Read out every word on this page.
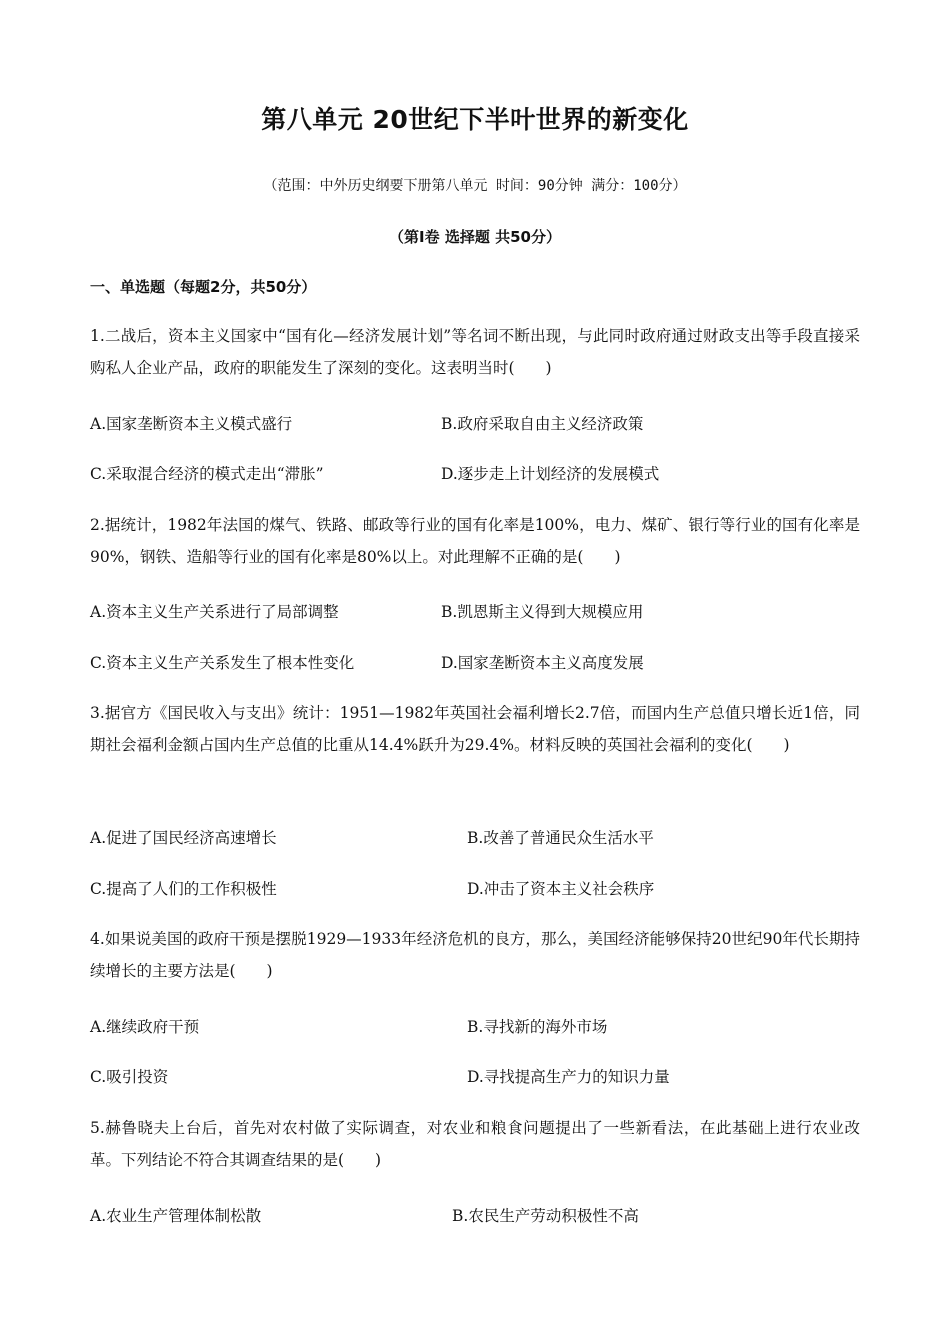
第八单元 20世纪下半叶世界的新变化
（范围：中外历史纲要下册第八单元 时间：90分钟 满分：100分）
（第Ⅰ卷 选择题 共50分）
一、单选题（每题2分，共50分）
1.二战后，资本主义国家中“国有化—经济发展计划”等名词不断出现，与此同时政府通过财政支出等手段直接采购私人企业产品，政府的职能发生了深刻的变化。这表明当时(　　)
A.国家垄断资本主义模式盛行	B.政府采取自由主义经济政策
C.采取混合经济的模式走出“滞胀”	D.逐步走上计划经济的发展模式
2.据统计，1982年法国的煤气、铁路、邮政等行业的国有化率是100%，电力、煤矿、银行等行业的国有化率是90%，钢铁、造船等行业的国有化率是80%以上。对此理解不正确的是(　　)
A.资本主义生产关系进行了局部调整	B.凯恩斯主义得到大规模应用
C.资本主义生产关系发生了根本性变化	D.国家垄断资本主义高度发展
3.据官方《国民收入与支出》统计：1951—1982年英国社会福利增长2.7倍，而国内生产总值只增长近1倍，同期社会福利金额占国内生产总值的比重从14.4%跃升为29.4%。材料反映的英国社会福利的变化(　　)
A.促进了国民经济高速增长	B.改善了普通民众生活水平
C.提高了人们的工作积极性	D.冲击了资本主义社会秩序
4.如果说美国的政府干预是摆脱1929—1933年经济危机的良方，那么，美国经济能够保持20世纪90年代长期持续增长的主要方法是(　　)
A.继续政府干预	B.寻找新的海外市场
C.吸引投资	D.寻找提高生产力的知识力量
5.赫鲁晓夫上台后，首先对农村做了实际调查，对农业和粮食问题提出了一些新看法，在此基础上进行农业改革。下列结论不符合其调查结果的是(　　)
A.农业生产管理体制松散	B.农民生产劳动积极性不高
